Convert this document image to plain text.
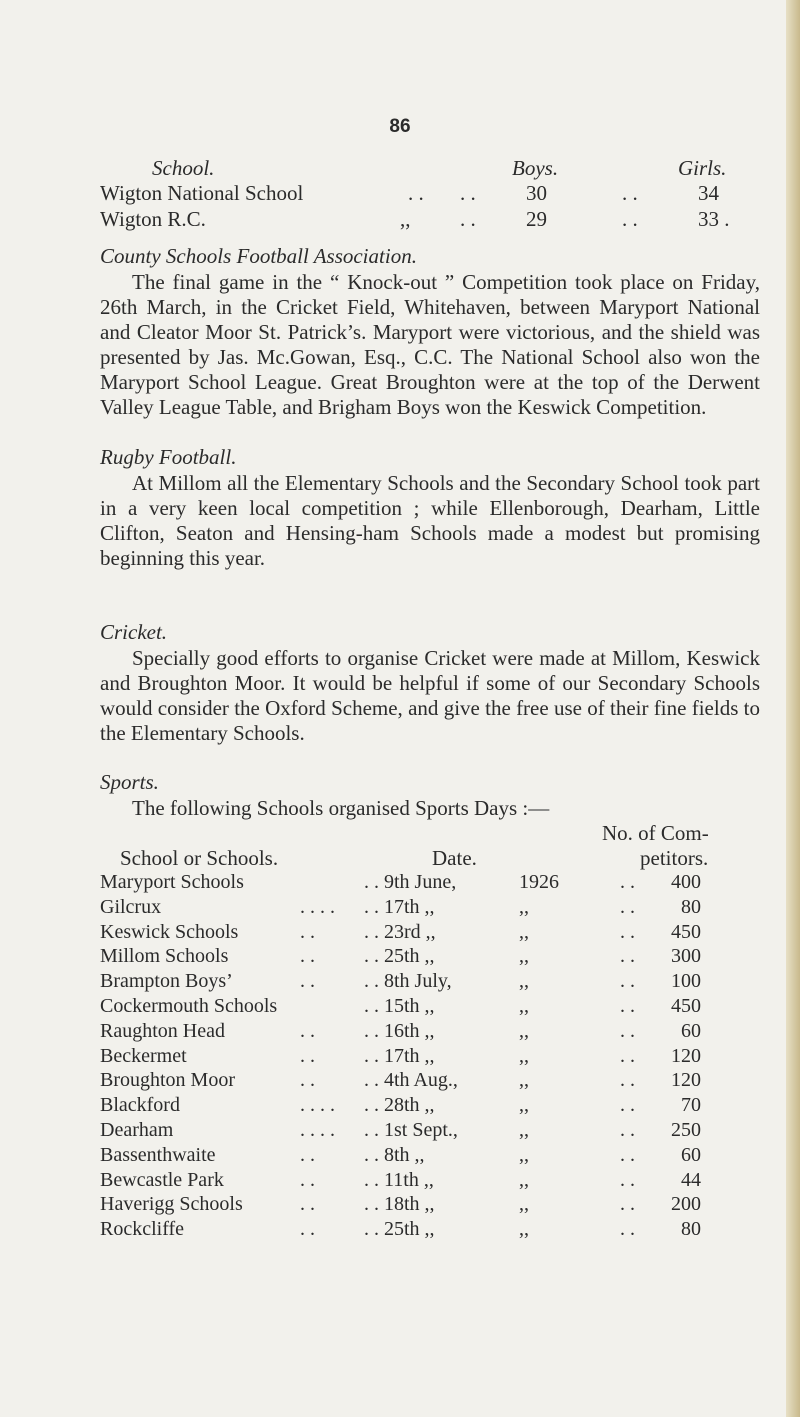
86
School.	Boys.	Girls.
Wigton National School	. . . . 30	. .	34
Wigton R.C.	,, . . 29	. .	33 .
County Schools Football Association.

The final game in the “ Knock-out ” Competition took place on Friday, 26th March, in the Cricket Field, Whitehaven, between Maryport National and Cleator Moor St. Patrick’s. Maryport were victorious, and the shield was presented by Jas. Mc.Gowan, Esq., C.C. The National School also won the Maryport School League. Great Broughton were at the top of the Derwent Valley League Table, and Brigham Boys won the Keswick Competition.

Rugby Football.

At Millom all the Elementary Schools and the Secondary School took part in a very keen local competition ; while Ellenborough, Dearham, Little Clifton, Seaton and Hensing-ham Schools made a modest but promising beginning this year.

Cricket.

Specially good efforts to organise Cricket were made at Millom, Keswick and Broughton Moor. It would be helpful if some of our Secondary Schools would consider the Oxford Scheme, and give the free use of their fine fields to the Elementary Schools.

Sports.
The following Schools organised Sports Days :—
No. of Com-
School or Schools.	Date.	petitors.
Maryport Schools	. . 9th June,	1926	. .	400
Gilcrux	. . . . . . 17th ,,	,,	. .	80
Keswick Schools	. . . . 23rd ,,	,,	. .	450
Millom Schools	. . . . 25th ,,	,,	. .	300
Brampton Boys’	. . . . 8th July,	,,	. .	100
Cockermouth Schools	. . 15th ,,	,,	. .	450
Raughton Head	. . . . 16th ,,	,,	. .	60
Beckermet	. . . . 17th ,,	,,	. .	120
Broughton Moor	. . . . 4th Aug.,	,,	. .	120
Blackford	. . . . . . 28th ,,	,,	. .	70
Dearham	. . . . . . 1st Sept.,	,,	. .	250
Bassenthwaite	. . . . 8th ,,	,,	. .	60
Bewcastle Park	. . . . 11th ,,	,,	. .	44
Haverigg Schools	. . . . 18th ,,	,,	. .	200
Rockcliffe	. . . . 25th ,,	,,	. .	80
